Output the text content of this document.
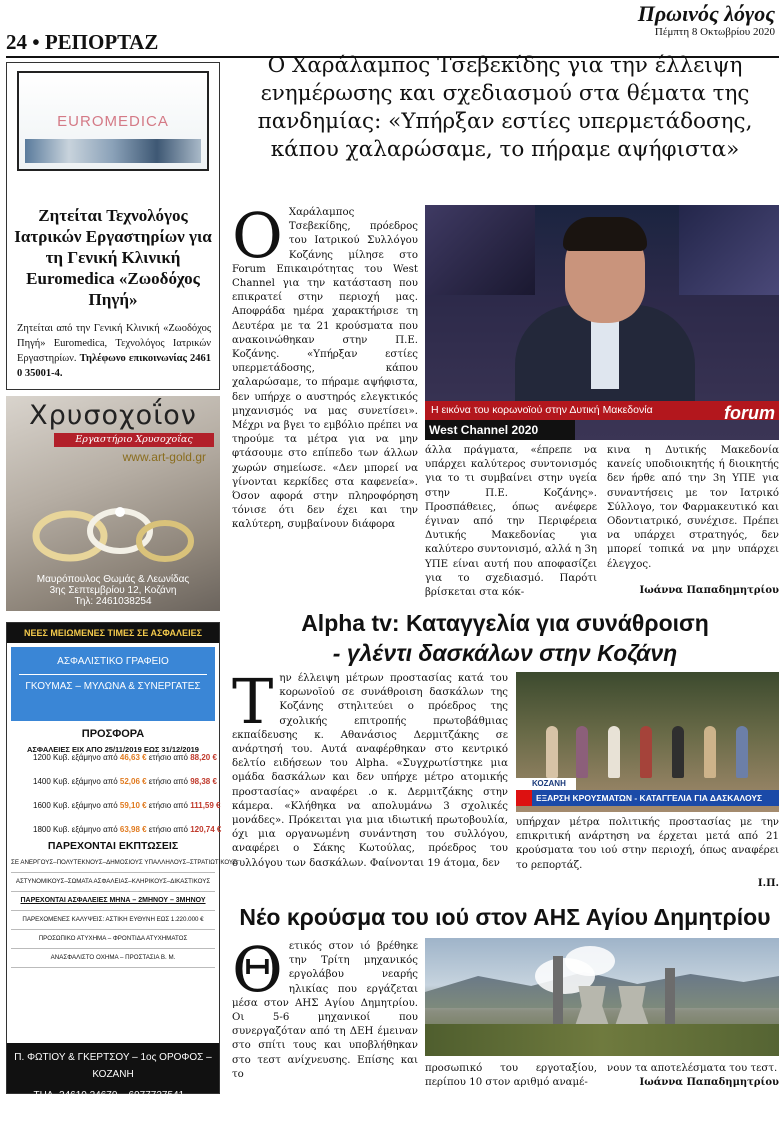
Πρωινός λόγος
Πέμπτη 8 Οκτωβρίου 2020
24 • ΡΕΠΟΡΤΑΖ
EUROMEDICA
Ζητείται Τεχνολόγος Ιατρικών Εργαστηρίων για τη Γενική Κλινική Euromedica «Ζωοδόχος Πηγή»
Ζητείται από την Γενική Κλινική «Ζωοδόχος Πηγή» Euromedica, Τεχνολόγος Ιατρικών Εργαστηρίων. Τηλέφωνο επικοινωνίας 2461 0 35001-4.
Χρυσοχοΐον
Εργαστήριο Χρυσοχοΐας
www.art-gold.gr
Μαυρόπουλος Θωμάς & Λεωνίδας
3ης Σεπτεμβρίου 12, Κοζάνη
Τηλ: 2461038254
ΝΕΕΣ ΜΕΙΩΜΕΝΕΣ ΤΙΜΕΣ ΣΕ ΑΣΦΑΛΕΙΕΣ
ΑΣΦΑΛΙΣΤΙΚΟ ΓΡΑΦΕΙΟ
ΓΚΟΥΜΑΣ – ΜΥΛΩΝΑ & ΣΥΝΕΡΓΑΤΕΣ
ΠΡΟΣΦΟΡΑ
ΑΣΦΑΛΕΙΕΣ ΕΙΧ ΑΠΟ 25/11/2019 ΕΩΣ 31/12/2019
1200 Κυβ. εξάμηνο από 46,63 € ετήσιο από 88,20 €
1400 Κυβ. εξάμηνο από 52,06 € ετήσιο από 98,38 €
1600 Κυβ. εξάμηνο από 59,10 € ετήσιο από 111,59 €
1800 Κυβ. εξάμηνο από 63,98 € ετήσιο από 120,74 €
ΠΑΡΕΧΟΝΤΑΙ ΕΚΠΤΩΣΕΙΣ
ΣΕ ΑΝΕΡΓΟΥΣ–ΠΟΛΥΤΕΚΝΟΥΣ–ΔΗΜΟΣΙΟΥΣ ΥΠΑΛΛΗΛΟΥΣ–ΣΤΡΑΤΙΩΤΙΚΟΥΣ
ΑΣΤΥΝΟΜΙΚΟΥΣ–ΣΩΜΑΤΑ ΑΣΦΑΛΕΙΑΣ–ΚΛΗΡΙΚΟΥΣ–ΔΙΚΑΣΤΙΚΟΥΣ
ΠΑΡΕΧΟΝΤΑΙ ΑΣΦΑΛΕΙΕΣ ΜΗΝΑ – 2ΜΗΝΟΥ – 3ΜΗΝΟΥ
ΠΑΡΕΧΟΜΕΝΕΣ ΚΑΛΥΨΕΙΣ: ΑΣΤΙΚΗ ΕΥΘΥΝΗ ΕΩΣ 1.220.000 €
ΠΡΟΣΩΠΙΚΟ ΑΤΥΧΗΜΑ – ΦΡΟΝΤΙΔΑ ΑΤΥΧΗΜΑΤΟΣ
ΑΝΑΣΦΑΛΙΣΤΟ ΟΧΗΜΑ – ΠΡΟΣΤΑΣΙΑ Β. Μ.
Π. ΦΩΤΙΟΥ & ΓΚΕΡΤΣΟΥ – 1ος ΟΡΟΦΟΣ – ΚΟΖΑΝΗ
ΤΗΛ. 24610 24670 – 6977727541 – 6973285608
e-mail : gss_asfaleies@yahoo.gr
Ο Χαράλαμπος Τσεβεκίδης για την έλλειψη ενημέρωσης και σχεδιασμού στα θέματα της πανδημίας: «Υπήρξαν εστίες υπερμετάδοσης, κάπου χαλαρώσαμε, το πήραμε αψήφιστα»
Ο Χαράλαμπος Τσεβεκίδης, πρόεδρος του Ιατρικού Συλλόγου Κοζάνης μίλησε στο Forum Επικαιρότητας του West Channel για την κατάσταση που επικρατεί στην περιοχή μας. Αποφράδα ημέρα χαρακτήρισε τη Δευτέρα με τα 21 κρούσματα που ανακοινώθηκαν στην Π.Ε. Κοζάνης. «Υπήρξαν εστίες υπερμετάδοσης, κάπου χαλαρώσαμε, το πήραμε αψήφιστα, δεν υπήρχε ο αυστηρός ελεγκτικός μηχανισμός να μας συνετίσει». Μέχρι να βγει το εμβόλιο πρέπει να τηρούμε τα μέτρα για να μην φτάσουμε στο επίπεδο των άλλων χωρών σημείωσε. «Δεν μπορεί να γίνονται κερκίδες στα καφενεία». Όσον αφορά στην πληροφόρηση τόνισε ότι δεν έχει και την καλύτερη, συμβαίνουν διάφορα
Η εικόνα του κορωνοϊού στην Δυτική Μακεδονία
West Channel 2020
forum
άλλα πράγματα, «έπρεπε να υπάρχει καλύτερος συντονισμός για το τι συμβαίνει στην υγεία στην Π.Ε. Κοζάνης». Προσπάθειες, όπως ανέφερε έγιναν από την Περιφέρεια Δυτικής Μακεδονίας για καλύτερο συντονισμό, αλλά η 3η ΥΠΕ είναι αυτή που αποφασίζει για το σχεδιασμό. Παρότι βρίσκεται στα κόκ-

κινα η Δυτικής Μακεδονία κανείς υποδιοικητής ή διοικητής δεν ήρθε από την 3η ΥΠΕ για συναντήσεις με τον Ιατρικό Σύλλογο, τον Φαρμακευτικό και Οδοντιατρικό, συνέχισε. Πρέπει να υπάρχει στρατηγός, δεν μπορεί τοπικά να μην υπάρχει έλεγχος.

Ιωάννα Παπαδημητρίου
Alpha tv: Καταγγελία για συνάθροιση
- γλέντι δασκάλων στην Κοζάνη
Τ ην έλλειψη μέτρων προστασίας κατά του κορωνοϊού σε συνάθροιση δασκάλων της Κοζάνης στηλιτεύει ο πρόεδρος της σχολικής επιτροπής πρωτοβάθμιας εκπαίδευσης κ. Αθανάσιος Δερμιτζάκης σε ανάρτησή του. Αυτά αναφέρθηκαν στο κεντρικό δελτίο ειδήσεων του Alpha. «Συγχρωτίστηκε μια ομάδα δασκάλων και δεν υπήρχε μέτρο ατομικής προστασίας» αναφέρει .ο κ. Δερμιτζάκης στην κάμερα. «Κλήθηκα να απολυμάνω 3 σχολικές μονάδες». Πρόκειται για μια ιδιωτική πρωτοβουλία, όχι μια οργανωμένη συνάντηση του συλλόγου, αναφέρει ο Σάκης Κωτούλας, πρόεδρος του συλλόγου των δασκάλων. Φαίνονται 19 άτομα, δεν
ΚΟΖΑΝΗ
ΕΞΑΡΣΗ ΚΡΟΥΣΜΑΤΩΝ - ΚΑΤΑΓΓΕΛΙΑ ΓΙΑ ΔΑΣΚΑΛΟΥΣ

υπήρχαν μέτρα πολιτικής προστασίας με την επικριτική ανάρτηση να έρχεται μετά από 21 κρούσματα του ιού στην περιοχή, όπως αναφέρει το ρεπορτάζ.

Ι.Π.
Νέο κρούσμα του ιού στον ΑΗΣ Αγίου Δημητρίου
Θ ετικός στον ιό βρέθηκε την Τρίτη μηχανικός εργολάβου νεαρής ηλικίας που εργάζεται μέσα στον ΑΗΣ Αγίου Δημητρίου. Οι 5-6 μηχανικοί που συνεργαζόταν από τη ΔΕΗ έμειναν στο σπίτι τους και υποβλήθηκαν στο τεστ ανίχνευσης. Επίσης και το
προσωπικό του εργοταξίου, περίπου 10 στον αριθμό αναμέ-

νουν τα αποτελέσματα του τεστ.

Ιωάννα Παπαδημητρίου
